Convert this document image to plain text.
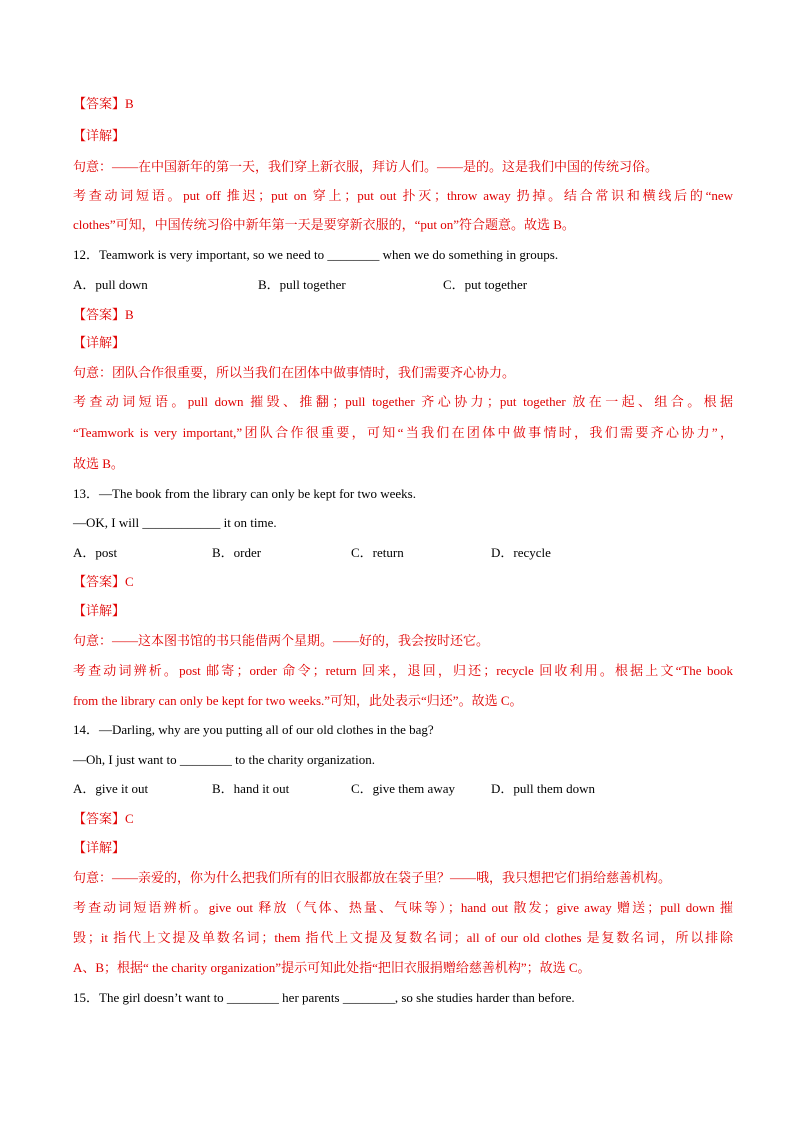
【答案】B
【详解】
句意：——在中国新年的第一天，我们穿上新衣服，拜访人们。——是的。这是我们中国的传统习俗。
考查动词短语。put off 推迟；put on 穿上；put out 扑灭；throw away 扔掉。结合常识和横线后的“new
clothes”可知，中国传统习俗中新年第一天是要穿新衣服的，“put on”符合题意。故选 B。
12．Teamwork is very important, so we need to ________ when we do something in groups.
A．pull down	B．pull together	C．put together
【答案】B
【详解】
句意：团队合作很重要，所以当我们在团体中做事情时，我们需要齐心协力。
考查动词短语。pull down 摧毁、推翻；pull together 齐心协力；put together 放在一起、组合。根据
“Teamwork is very important,”团队合作很重要，可知“当我们在团体中做事情时，我们需要齐心协力”，
故选 B。
13．—The book from the library can only be kept for two weeks.
—OK, I will ____________ it on time.
A．post	B．order	C．return	D．recycle
【答案】C
【详解】
句意：——这本图书馆的书只能借两个星期。——好的，我会按时还它。
考查动词辨析。post 邮寄；order 命令；return 回来，退回，归还；recycle 回收利用。根据上文“The book
from the library can only be kept for two weeks.”可知，此处表示“归还”。故选 C。
14．—Darling, why are you putting all of our old clothes in the bag?
—Oh, I just want to ________ to the charity organization.
A．give it out	B．hand it out	C．give them away	D．pull them down
【答案】C
【详解】
句意：——亲爱的，你为什么把我们所有的旧衣服都放在袋子里？——哦，我只想把它们捐给慈善机构。
考查动词短语辨析。give out 释放（气体、热量、气味等）；hand out 散发；give away 赠送；pull down 摧
毁；it 指代上文提及单数名词；them 指代上文提及复数名词；all of our old clothes 是复数名词，所以排除
A、B；根据“ the charity organization”提示可知此处指“把旧衣服捐赠给慈善机构”；故选 C。
15．The girl doesn’t want to ________ her parents ________, so she studies harder than before.
